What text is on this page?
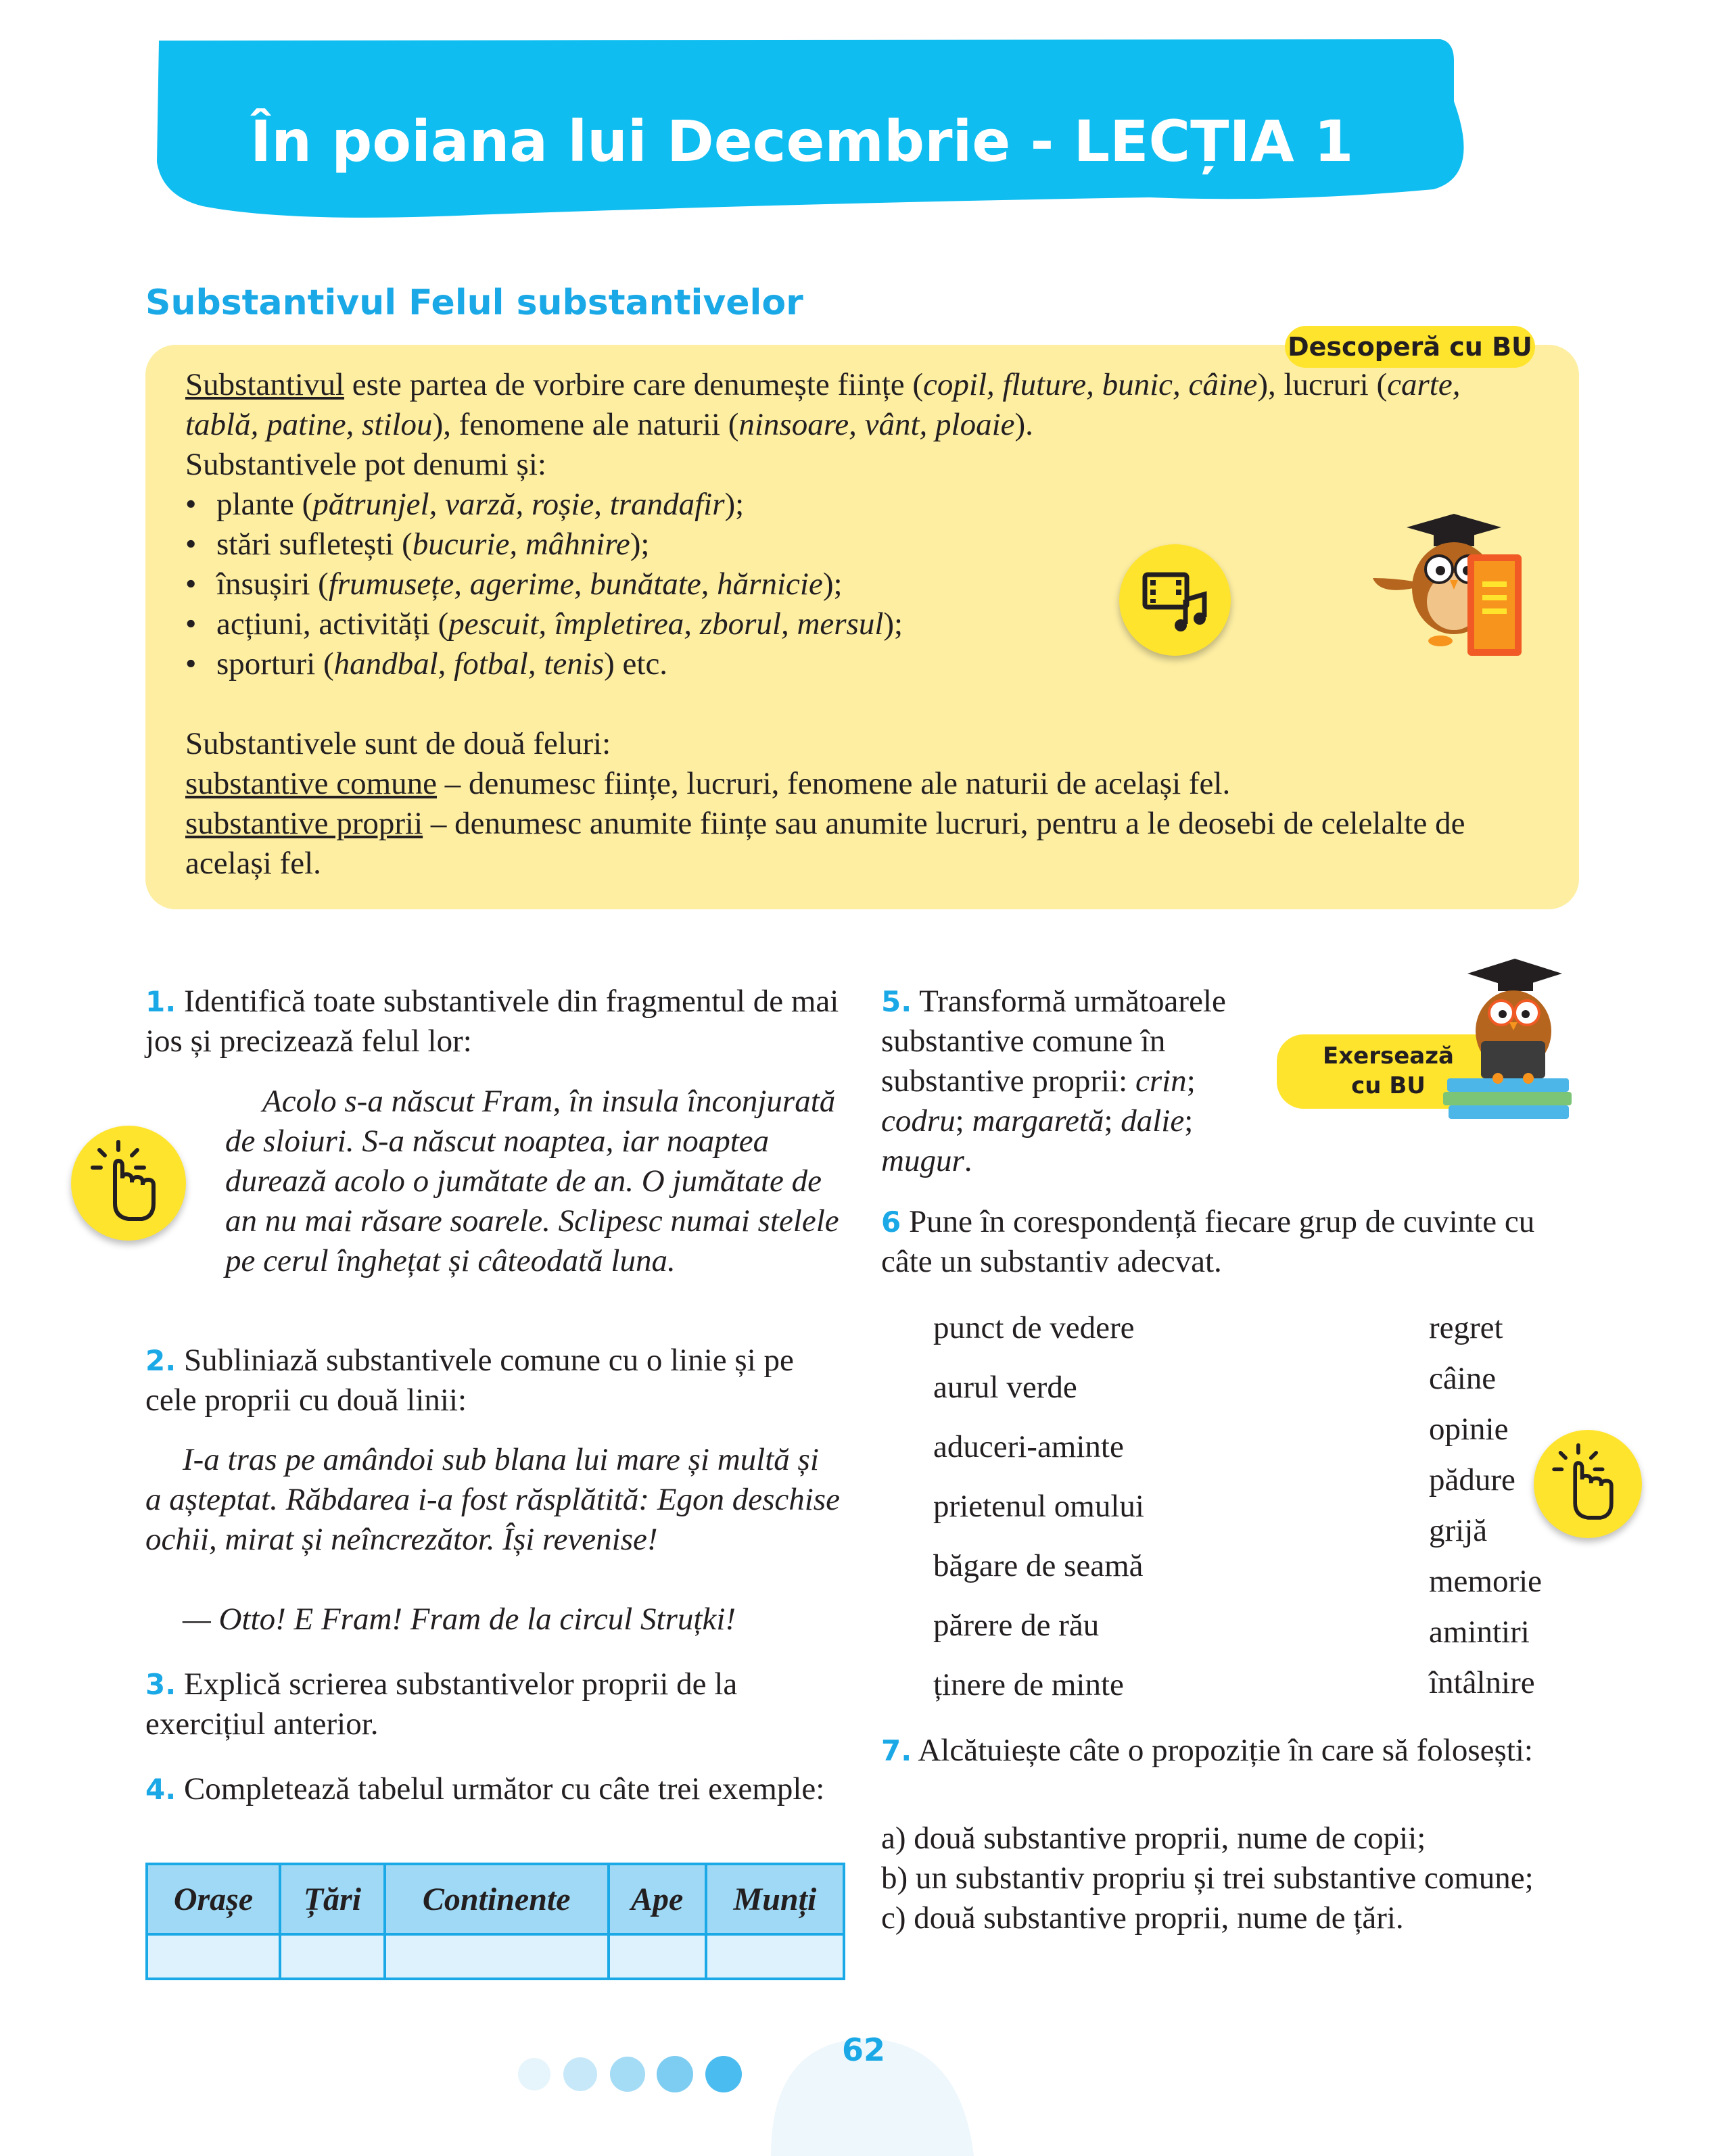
În poiana lui Decembrie - LECȚIA 1
Substantivul Felul substantivelor
Descoperă cu BU

Substantivul este partea de vorbire care denumește ființe (copil, fluture, bunic, câine), lucruri (carte, tablă, patine, stilou), fenomene ale naturii (ninsoare, vânt, ploaie).

Substantivele pot denumi și:

• plante (pătrunjel, varză, roșie, trandafir);
• stări sufletești (bucurie, mâhnire);
• însușiri (frumusețe, agerime, bunătate, hărnicie);
• acțiuni, activități (pescuit, împletirea, zborul, mersul);
• sporturi (handbal, fotbal, tenis) etc.

Substantivele sunt de două feluri:

substantive comune – denumesc ființe, lucruri, fenomene ale naturii de același fel.

substantive proprii – denumesc anumite ființe sau anumite lucruri, pentru a le deosebi de celelalte de același fel.

1. Identifică toate substantivele din fragmentul de mai jos și precizează felul lor:

Acolo s-a născut Fram, în insula înconjurată de sloiuri. S-a născut noaptea, iar noaptea durează acolo o jumătate de an. O jumătate de an nu mai răsare soarele. Sclipesc numai stelele pe cerul înghețat și câteodată luna.

2. Subliniază substantivele comune cu o linie și pe cele proprii cu două linii:

I-a tras pe amândoi sub blana lui mare și multă și a așteptat. Răbdarea i-a fost răsplătită: Egon deschise ochii, mirat și neîncrezător. Își revenise!
— Otto! E Fram! Fram de la circul Struțki!

3. Explică scrierea substantivelor proprii de la exercițiul anterior.

4. Completează tabelul următor cu câte trei exemple:

Orașe	Țări	Continente	Ape	Munți

5. Transformă următoarele substantive comune în substantive proprii: crin; codru; margaretă; dalie; mugur.

Exersează
cu BU

6 Pune în corespondență fiecare grup de cuvinte cu câte un substantiv adecvat.

punct de vedere
aurul verde
aduceri-aminte
prietenul omului
băgare de seamă
părere de rău
ținere de minte
regret
câine
opinie
pădure
grijă
memorie
amintiri
întâlnire

7. Alcătuiește câte o propoziție în care să folosești:

a) două substantive proprii, nume de copii;

b) un substantiv propriu și trei substantive comune;

c) două substantive proprii, nume de țări.

62
